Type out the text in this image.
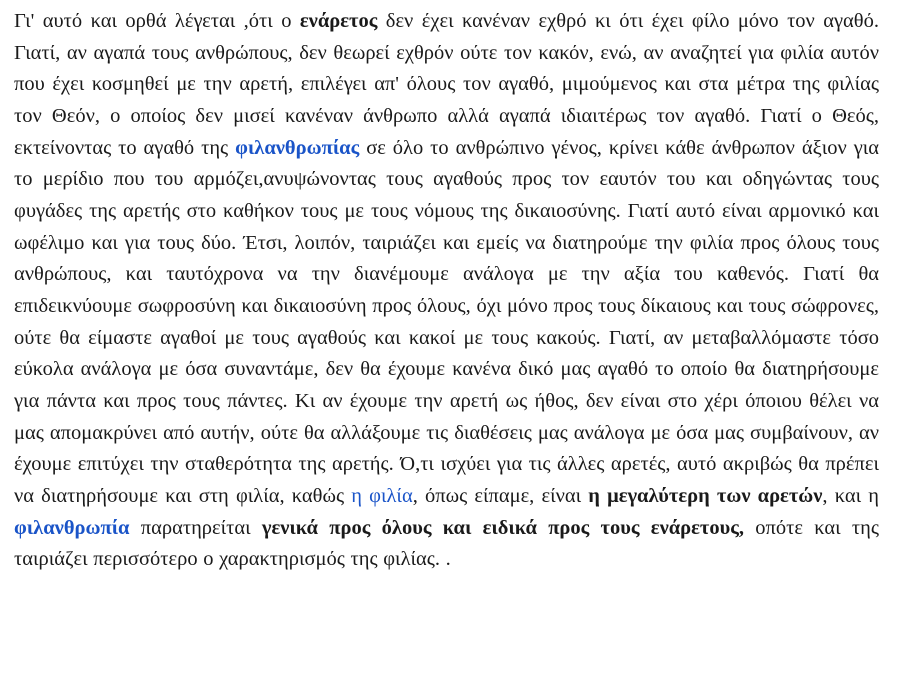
Γι' αυτό και ορθά λέγεται ,ότι ο ενάρετος δεν έχει κανέναν εχθρό κι ότι έχει φίλο μόνο τον αγαθό. Γιατί, αν αγαπά τους ανθρώπους, δεν θεωρεί εχθρόν ούτε τον κακόν, ενώ, αν αναζητεί για φιλία αυτόν που έχει κοσμηθεί με την αρετή, επιλέγει απ' όλους τον αγαθό, μιμούμενος και στα μέτρα της φιλίας τον Θεόν, ο οποίος δεν μισεί κανέναν άνθρωπο αλλά αγαπά ιδιαιτέρως τον αγαθό. Γιατί ο Θεός, εκτείνοντας το αγαθό της φιλανθρωπίας σε όλο το ανθρώπινο γένος, κρίνει κάθε άνθρωπον άξιον για το μερίδιο που του αρμόζει,ανυψώνοντας τους αγαθούς προς τον εαυτόν του και οδηγώντας τους φυγάδες της αρετής στο καθήκον τους με τους νόμους της δικαιοσύνης. Γιατί αυτό είναι αρμονικό και ωφέλιμο και για τους δύο. Έτσι, λοιπόν, ταιριάζει και εμείς να διατηρούμε την φιλία προς όλους τους ανθρώπους, και ταυτόχρονα να την διανέμουμε ανάλογα με την αξία του καθενός. Γιατί θα επιδεικνύουμε σωφροσύνη και δικαιοσύνη προς όλους, όχι μόνο προς τους δίκαιους και τους σώφρονες, ούτε θα είμαστε αγαθοί με τους αγαθούς και κακοί με τους κακούς. Γιατί, αν μεταβαλλόμαστε τόσο εύκολα ανάλογα με όσα συναντάμε, δεν θα έχουμε κανένα δικό μας αγαθό το οποίο θα διατηρήσουμε για πάντα και προς τους πάντες. Κι αν έχουμε την αρετή ως ήθος, δεν είναι στο χέρι όποιου θέλει να μας απομακρύνει από αυτήν, ούτε θα αλλάξουμε τις διαθέσεις μας ανάλογα με όσα μας συμβαίνουν, αν έχουμε επιτύχει την σταθερότητα της αρετής. Ό,τι ισχύει για τις άλλες αρετές, αυτό ακριβώς θα πρέπει να διατηρήσουμε και στη φιλία, καθώς η φιλία, όπως είπαμε, είναι η μεγαλύτερη των αρετών, και η φιλανθρωπία παρατηρείται γενικά προς όλους και ειδικά προς τους ενάρετους, οπότε και της ταιριάζει περισσότερο ο χαρακτηρισμός της φιλίας. .
